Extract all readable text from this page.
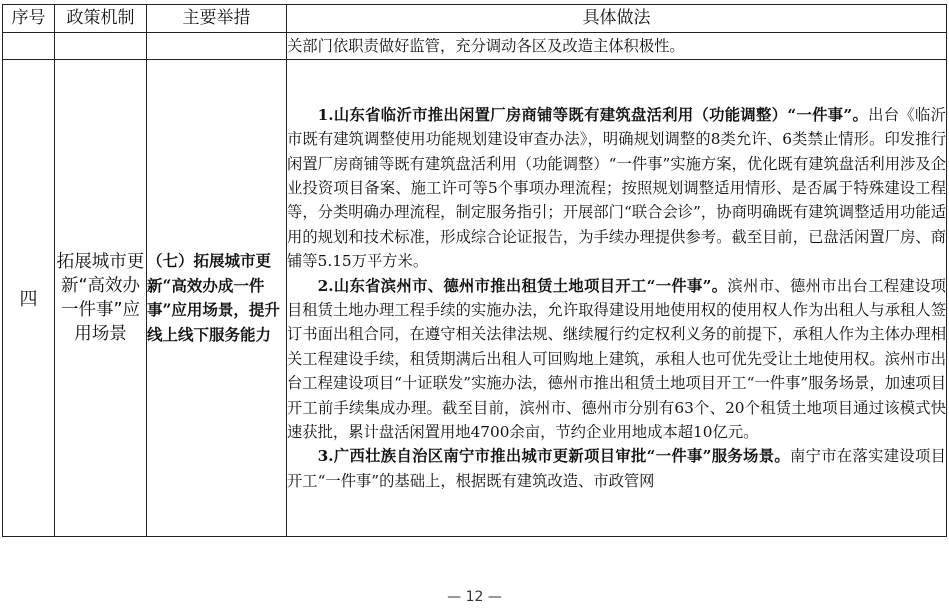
序号	政策机制	主要举措	具体做法
			关部门依职责做好监管，充分调动各区及改造主体积极性。
四	拓展城市更新“高效办一件事”应用场景	（七）拓展城市更新“高效办成一件事”应用场景，提升线上线下服务能力	1.山东省临沂市推出闲置厂房商铺等既有建筑盘活利用（功能调整）“一件事”。出台《临沂市既有建筑调整使用功能规划建设审查办法》，明确规划调整的8类允许、6类禁止情形。印发推行闲置厂房商铺等既有建筑盘活利用（功能调整）“一件事”实施方案，优化既有建筑盘活利用涉及企业投资项目备案、施工许可等5个事项办理流程；按照规划调整适用情形、是否属于特殊建设工程等，分类明确办理流程，制定服务指引；开展部门“联合会诊”，协商明确既有建筑调整适用功能适用的规划和技术标准，形成综合论证报告，为手续办理提供参考。截至目前，已盘活闲置厂房、商铺等5.15万平方米。

2.山东省滨州市、德州市推出租赁土地项目开工“一件事”。滨州市、德州市出台工程建设项目租赁土地办理工程手续的实施办法，允许取得建设用地使用权的使用权人作为出租人与承租人签订书面出租合同，在遵守相关法律法规、继续履行约定权利义务的前提下，承租人作为主体办理相关工程建设手续，租赁期满后出租人可回购地上建筑，承租人也可优先受让土地使用权。滨州市出台工程建设项目“十证联发”实施办法，德州市推出租赁土地项目开工“一件事”服务场景，加速项目开工前手续集成办理。截至目前，滨州市、德州市分别有63个、20个租赁土地项目通过该模式快速获批，累计盘活闲置用地4700余亩，节约企业用地成本超10亿元。

3.广西壮族自治区南宁市推出城市更新项目审批“一件事”服务场景。南宁市在落实建设项目开工“一件事”的基础上，根据既有建筑改造、市政管网

— 12 —
